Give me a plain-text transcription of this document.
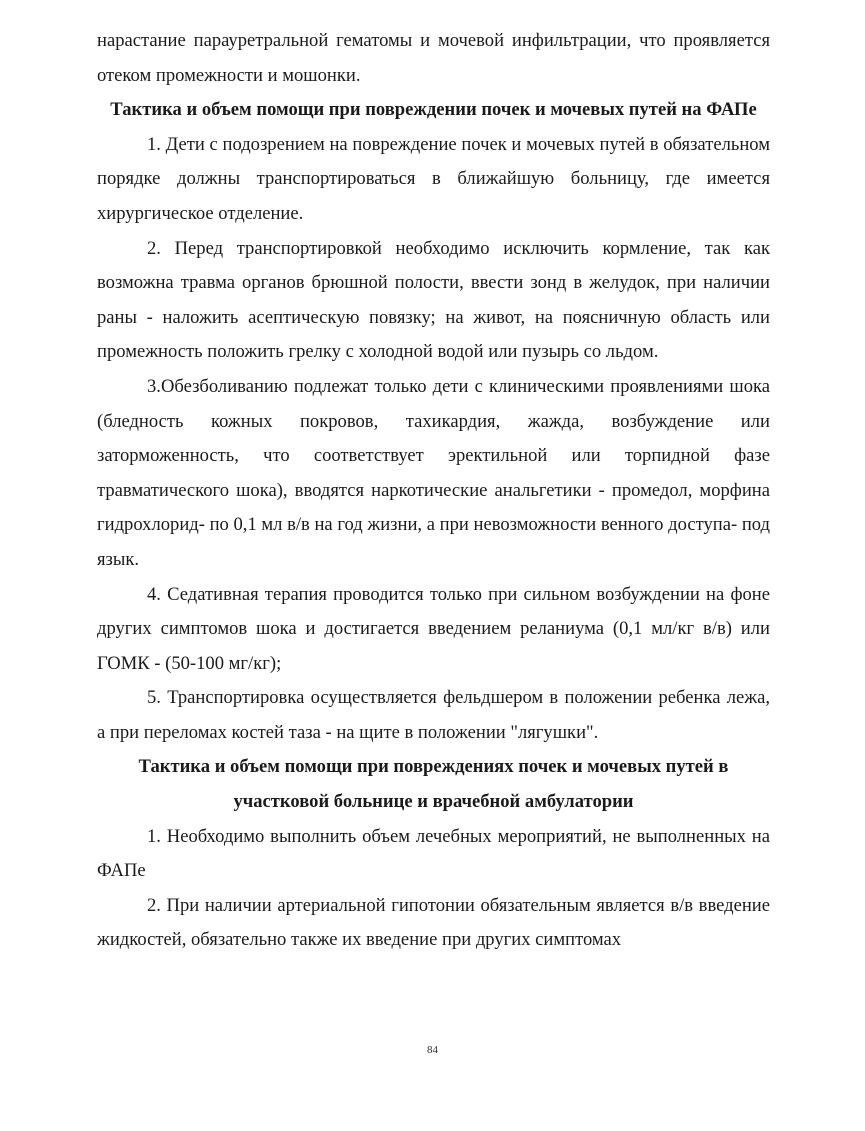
нарастание парауретральной гематомы и мочевой инфильтрации, что проявляется отеком промежности и мошонки.

Тактика и объем помощи при повреждении почек и мочевых путей на ФАПе

1. Дети с подозрением на повреждение почек и мочевых путей в обязательном порядке должны транспортироваться в ближайшую больницу, где имеется хирургическое отделение.

2. Перед транспортировкой необходимо исключить кормление, так как возможна травма органов брюшной полости, ввести зонд в желудок, при наличии раны - наложить асептическую повязку; на живот, на поясничную область или промежность положить грелку с холодной водой или пузырь со льдом.

3.Обезболиванию подлежат только дети с клиническими проявлениями шока (бледность кожных покровов, тахикардия, жажда, возбуждение или заторможенность, что соответствует эректильной или торпидной фазе травматического шока), вводятся наркотические анальгетики - промедол, морфина гидрохлорид- по 0,1 мл в/в на год жизни, а при невозможности венного доступа- под язык.

4. Седативная терапия проводится только при сильном возбуждении на фоне других симптомов шока и достигается введением реланиума (0,1 мл/кг в/в) или ГОМК - (50-100 мг/кг);

5. Транспортировка осуществляется фельдшером в положении ребенка лежа, а при переломах костей таза - на щите в положении "лягушки".

Тактика и объем помощи при повреждениях почек и мочевых путей в участковой больнице и врачебной амбулатории

1. Необходимо выполнить объем лечебных мероприятий, не выполненных на ФАПе

2. При наличии артериальной гипотонии обязательным является в/в введение жидкостей, обязательно также их введение при других симптомах

84
